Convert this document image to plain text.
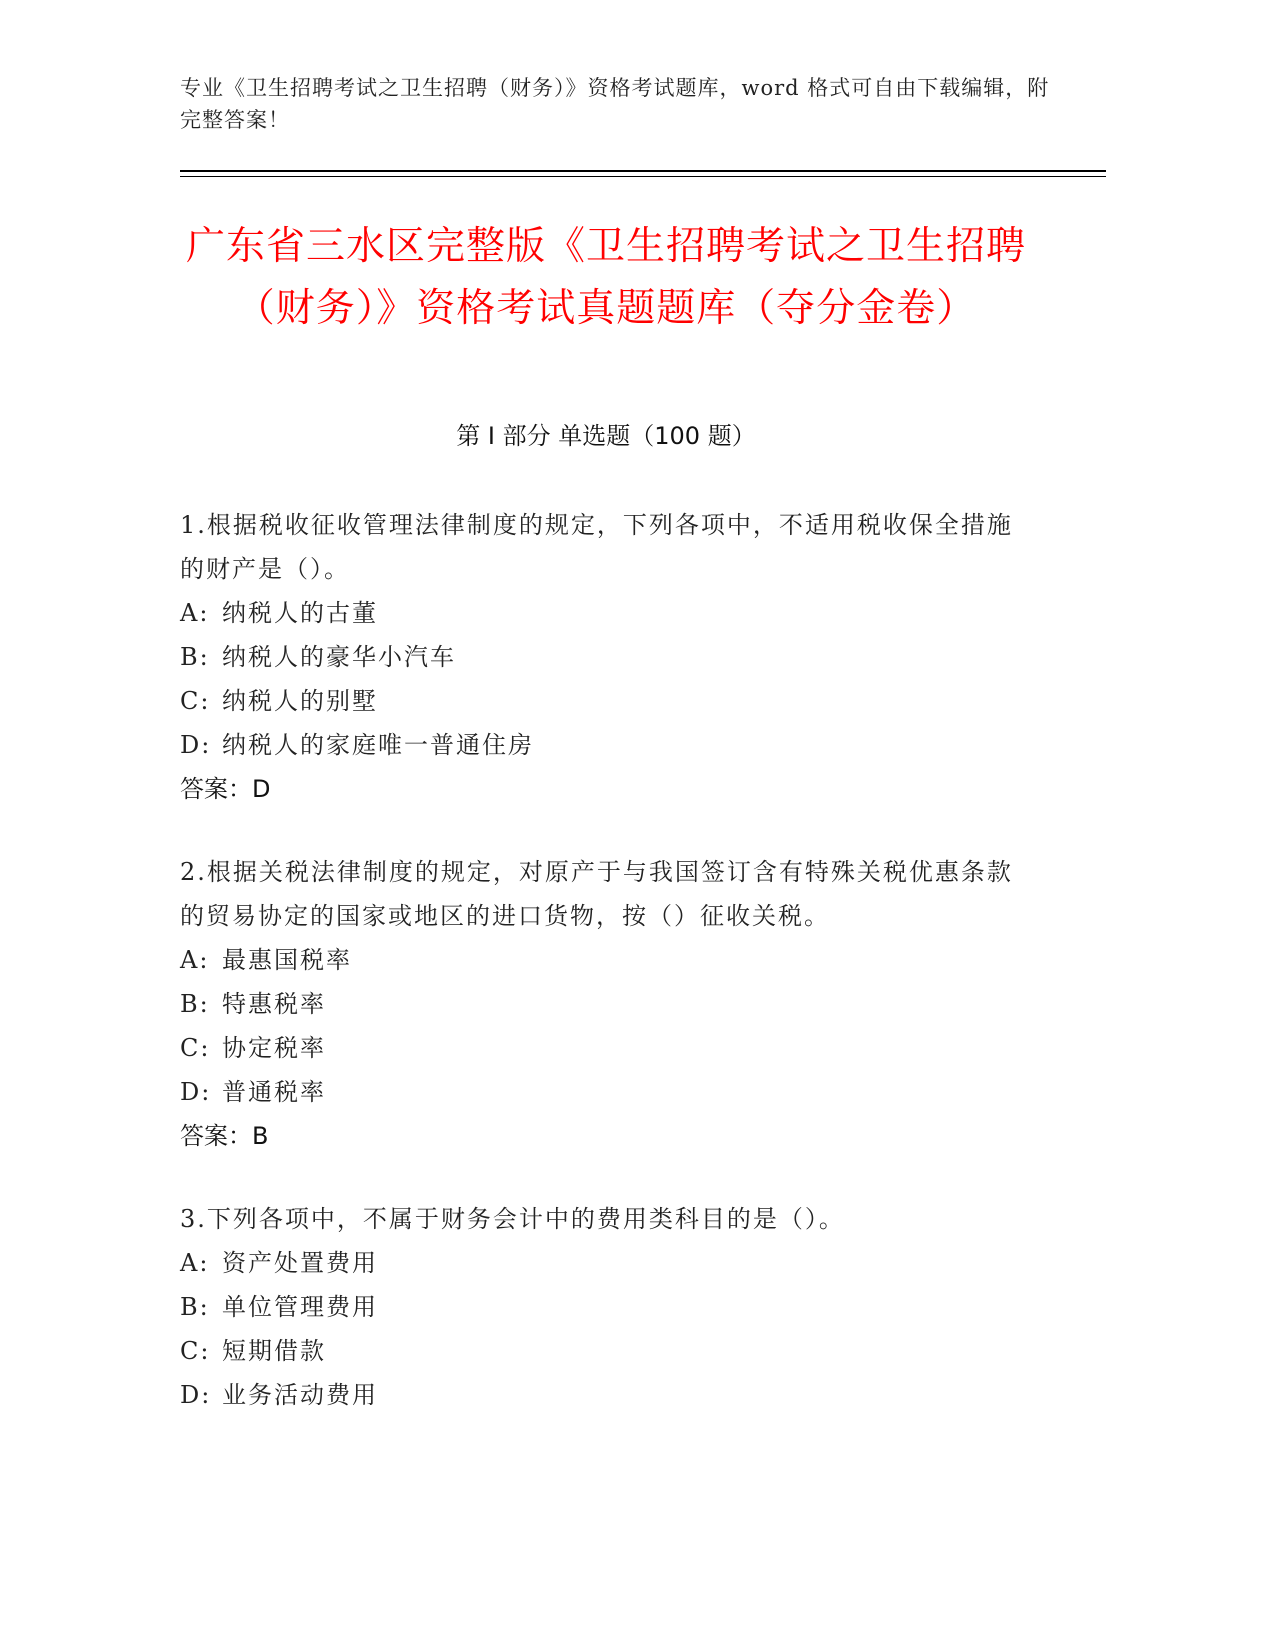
专业《卫生招聘考试之卫生招聘（财务）》资格考试题库，word 格式可自由下载编辑，附完整答案！
广东省三水区完整版《卫生招聘考试之卫生招聘（财务）》资格考试真题题库（夺分金卷）
第 I 部分 单选题（100 题）
1.根据税收征收管理法律制度的规定，下列各项中，不适用税收保全措施的财产是（）。
A: 纳税人的古董
B: 纳税人的豪华小汽车
C: 纳税人的别墅
D: 纳税人的家庭唯一普通住房
答案：D
2.根据关税法律制度的规定，对原产于与我国签订含有特殊关税优惠条款的贸易协定的国家或地区的进口货物，按（）征收关税。
A: 最惠国税率
B: 特惠税率
C: 协定税率
D: 普通税率
答案：B
3.下列各项中，不属于财务会计中的费用类科目的是（）。
A: 资产处置费用
B: 单位管理费用
C: 短期借款
D: 业务活动费用
